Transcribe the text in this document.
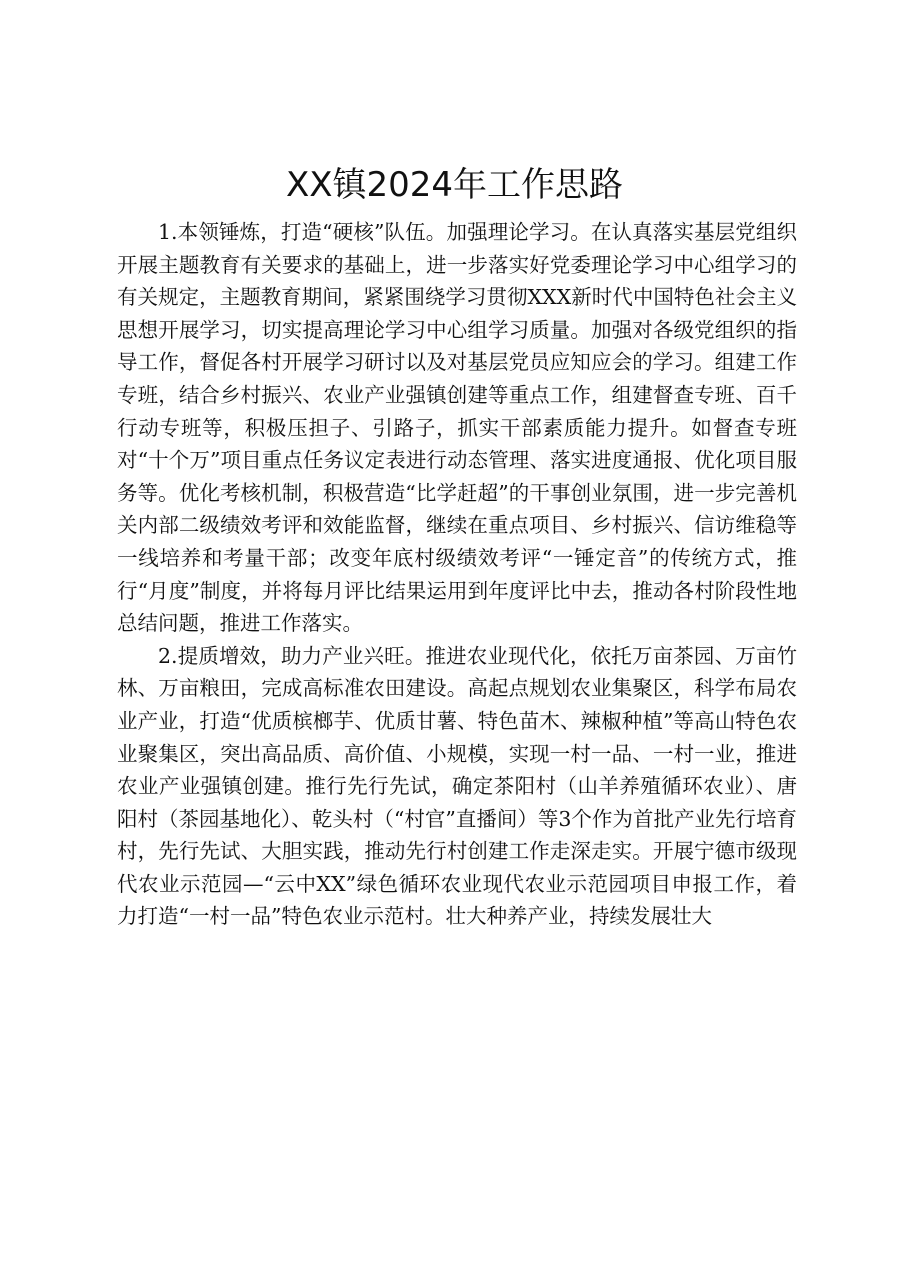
XX镇2024年工作思路

1.本领锤炼，打造“硬核”队伍。加强理论学习。在认真落实基层党组织开展主题教育有关要求的基础上，进一步落实好党委理论学习中心组学习的有关规定，主题教育期间，紧紧围绕学习贯彻XXX新时代中国特色社会主义思想开展学习，切实提高理论学习中心组学习质量。加强对各级党组织的指导工作，督促各村开展学习研讨以及对基层党员应知应会的学习。组建工作专班，结合乡村振兴、农业产业强镇创建等重点工作，组建督查专班、百千行动专班等，积极压担子、引路子，抓实干部素质能力提升。如督查专班对“十个万”项目重点任务议定表进行动态管理、落实进度通报、优化项目服务等。优化考核机制，积极营造“比学赶超”的干事创业氛围，进一步完善机关内部二级绩效考评和效能监督，继续在重点项目、乡村振兴、信访维稳等一线培养和考量干部；改变年底村级绩效考评“一锤定音”的传统方式，推行“月度”制度，并将每月评比结果运用到年度评比中去，推动各村阶段性地总结问题，推进工作落实。

2.提质增效，助力产业兴旺。推进农业现代化，依托万亩茶园、万亩竹林、万亩粮田，完成高标准农田建设。高起点规划农业集聚区，科学布局农业产业，打造“优质槟榔芋、优质甘薯、特色苗木、辣椒种植”等高山特色农业聚集区，突出高品质、高价值、小规模，实现一村一品、一村一业，推进农业产业强镇创建。推行先行先试，确定茶阳村（山羊养殖循环农业）、唐阳村（茶园基地化）、乾头村（“村官”直播间）等3个作为首批产业先行培育村，先行先试、大胆实践，推动先行村创建工作走深走实。开展宁德市级现代农业示范园—“云中XX”绿色循环农业现代农业示范园项目申报工作，着力打造“一村一品”特色农业示范村。壮大种养产业，持续发展壮大
